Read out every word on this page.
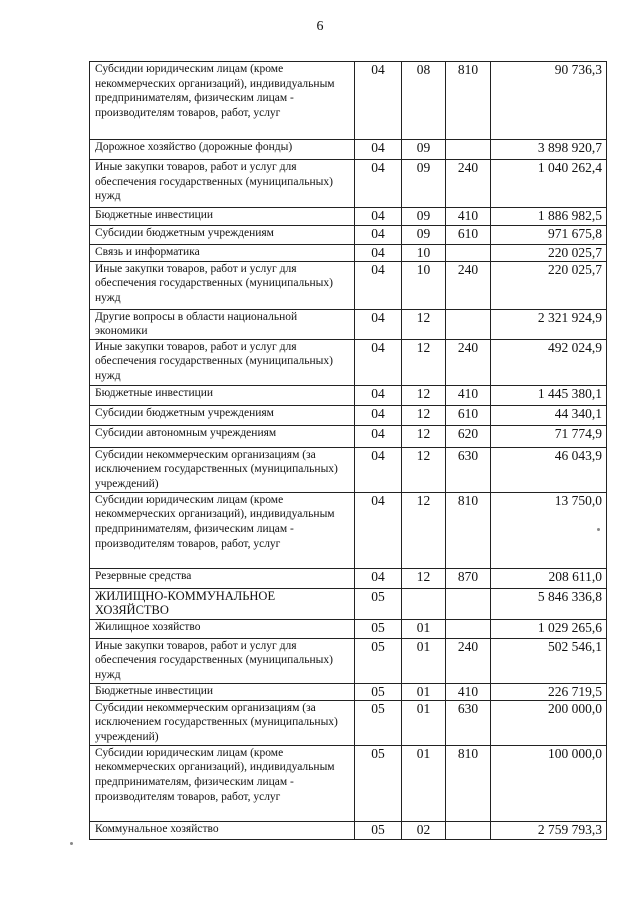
6
Субсидии юридическим лицам (кроме некоммерческих организаций), индивидуальным предпринимателям, физическим лицам - производителям товаров, работ, услуг	04	08	810	90 736,3
Дорожное хозяйство (дорожные фонды)	04	09		3 898 920,7
Иные закупки товаров, работ и услуг для обеспечения государственных (муниципальных) нужд	04	09	240	1 040 262,4
Бюджетные инвестиции	04	09	410	1 886 982,5
Субсидии бюджетным учреждениям	04	09	610	971 675,8
Связь и информатика	04	10		220 025,7
Иные закупки товаров, работ и услуг для обеспечения государственных (муниципальных) нужд	04	10	240	220 025,7
Другие вопросы в области национальной экономики	04	12		2 321 924,9
Иные закупки товаров, работ и услуг для обеспечения государственных (муниципальных) нужд	04	12	240	492 024,9
Бюджетные инвестиции	04	12	410	1 445 380,1
Субсидии бюджетным учреждениям	04	12	610	44 340,1
Субсидии автономным учреждениям	04	12	620	71 774,9
Субсидии некоммерческим организациям (за исключением государственных (муниципальных) учреждений)	04	12	630	46 043,9
Субсидии юридическим лицам (кроме некоммерческих организаций), индивидуальным предпринимателям, физическим лицам - производителям товаров, работ, услуг	04	12	810	13 750,0
Резервные средства	04	12	870	208 611,0
ЖИЛИЩНО-КОММУНАЛЬНОЕ ХОЗЯЙСТВО	05			5 846 336,8
Жилищное хозяйство	05	01		1 029 265,6
Иные закупки товаров, работ и услуг для обеспечения государственных (муниципальных) нужд	05	01	240	502 546,1
Бюджетные инвестиции	05	01	410	226 719,5
Субсидии некоммерческим организациям (за исключением государственных (муниципальных) учреждений)	05	01	630	200 000,0
Субсидии юридическим лицам (кроме некоммерческих организаций), индивидуальным предпринимателям, физическим лицам - производителям товаров, работ, услуг	05	01	810	100 000,0
Коммунальное хозяйство	05	02		2 759 793,3
